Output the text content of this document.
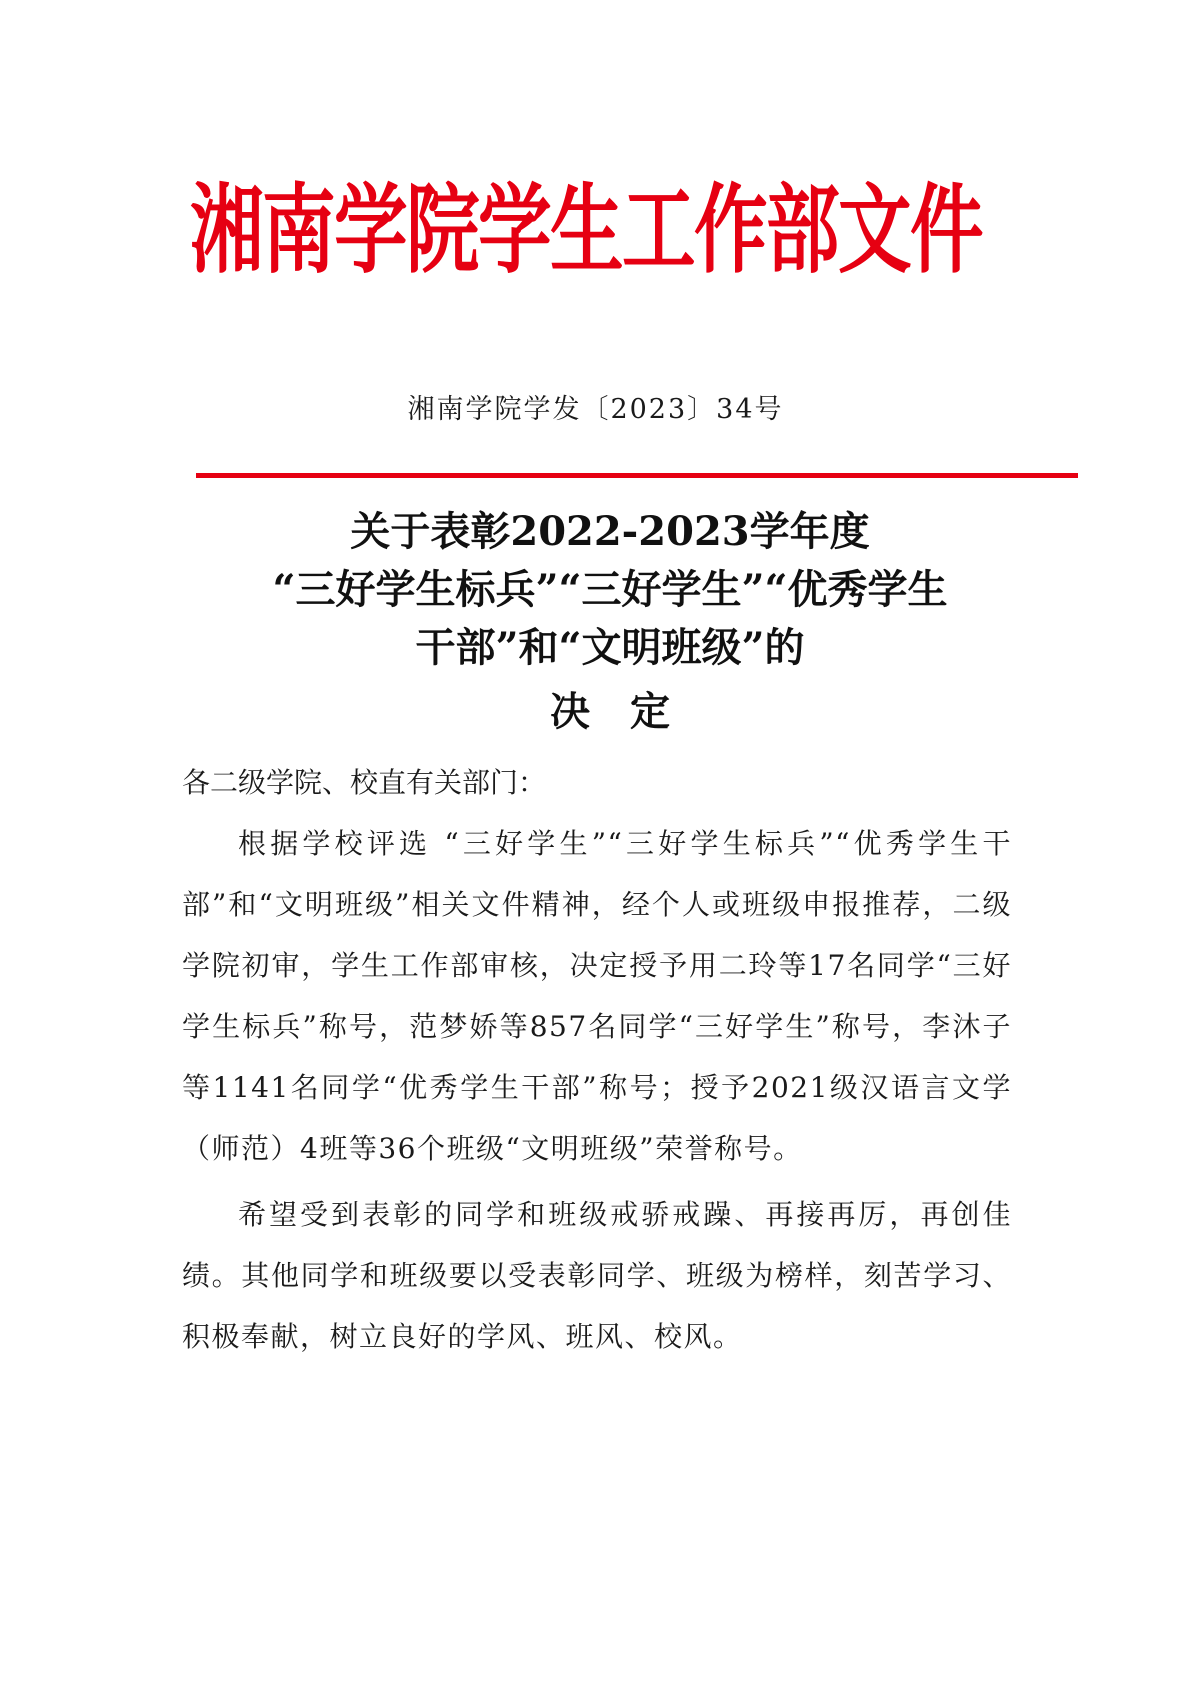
湘南学院学生工作部文件
湘南学院学发〔2023〕34号

关于表彰2022-2023学年度

“三好学生标兵”“三好学生”“优秀学生

干部”和“文明班级”的

决定

各二级学院、校直有关部门：

根据学校评选 “三好学生”“三好学生标兵”“优秀学生干部”和“文明班级”相关文件精神，经个人或班级申报推荐，二级学院初审，学生工作部审核，决定授予用二玲等17名同学“三好学生标兵”称号，范梦娇等857名同学“三好学生”称号，李沐子等1141名同学“优秀学生干部”称号；授予2021级汉语言文学（师范）4班等36个班级“文明班级”荣誉称号。

希望受到表彰的同学和班级戒骄戒躁、再接再厉，再创佳绩。其他同学和班级要以受表彰同学、班级为榜样，刻苦学习、积极奉献，树立良好的学风、班风、校风。
